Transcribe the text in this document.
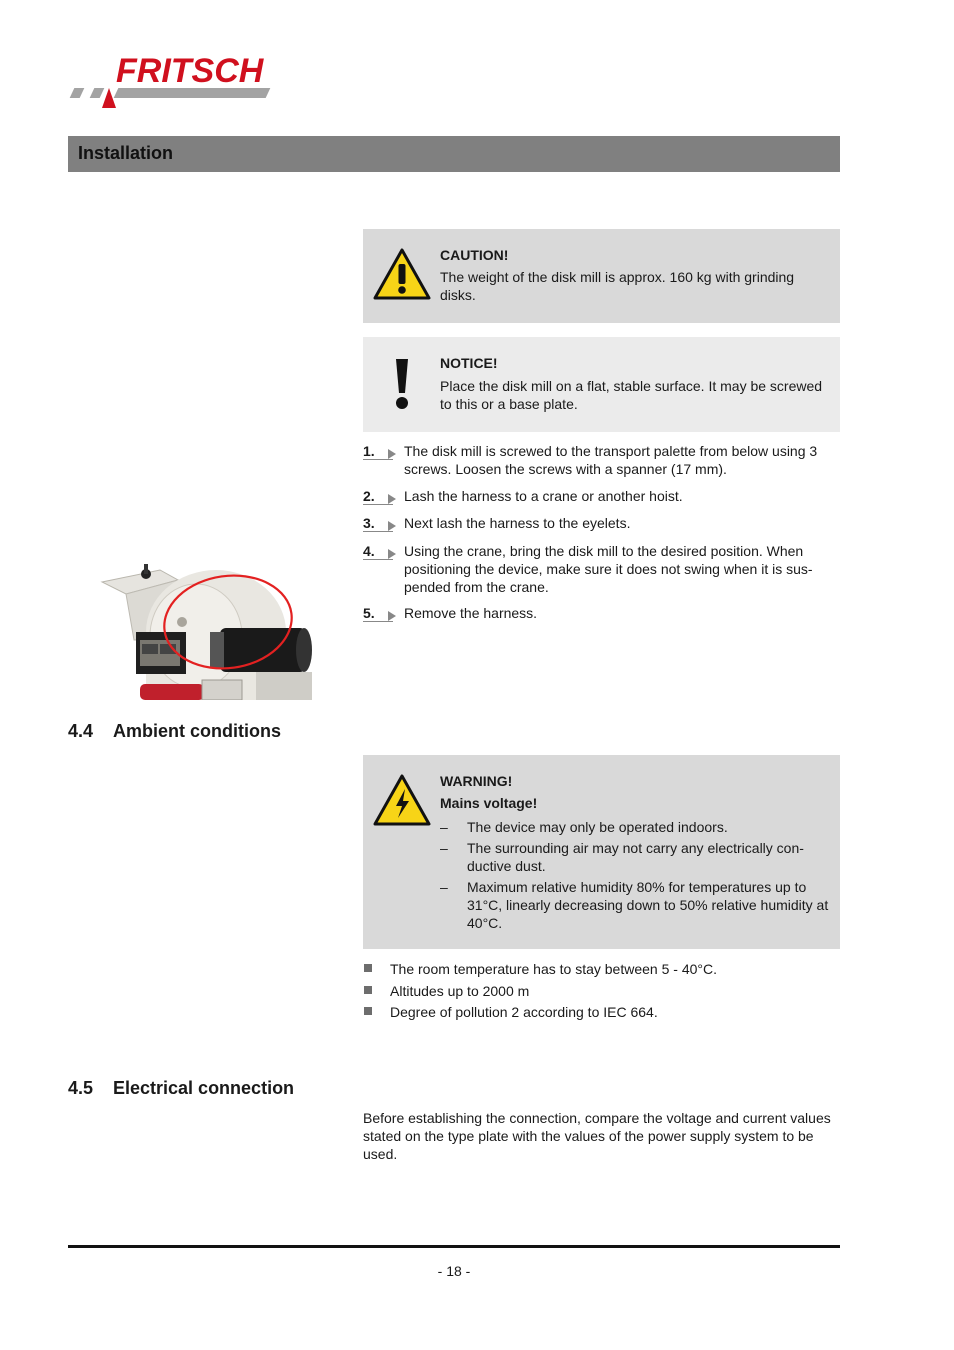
FRITSCH
Installation
CAUTION!
The weight of the disk mill is approx. 160 kg with grinding disks.
NOTICE!
Place the disk mill on a flat, stable surface. It may be screwed to this or a base plate.
1.	The disk mill is screwed to the transport palette from below using 3 screws. Loosen the screws with a spanner (17 mm).
2.	Lash the harness to a crane or another hoist.
3.	Next lash the harness to the eyelets.
4.	Using the crane, bring the disk mill to the desired position. When positioning the device, make sure it does not swing when it is sus-pended from the crane.
5.	Remove the harness.
4.4 Ambient conditions
WARNING!
Mains voltage!
– The device may only be operated indoors.
– The surrounding air may not carry any electrically con-ductive dust.
– Maximum relative humidity 80% for temperatures up to 31°C, linearly decreasing down to 50% relative humidity at 40°C.
The room temperature has to stay between 5 - 40°C.
Altitudes up to 2000 m
Degree of pollution 2 according to IEC 664.
4.5 Electrical connection
Before establishing the connection, compare the voltage and current values stated on the type plate with the values of the power supply system to be used.
- 18 -
